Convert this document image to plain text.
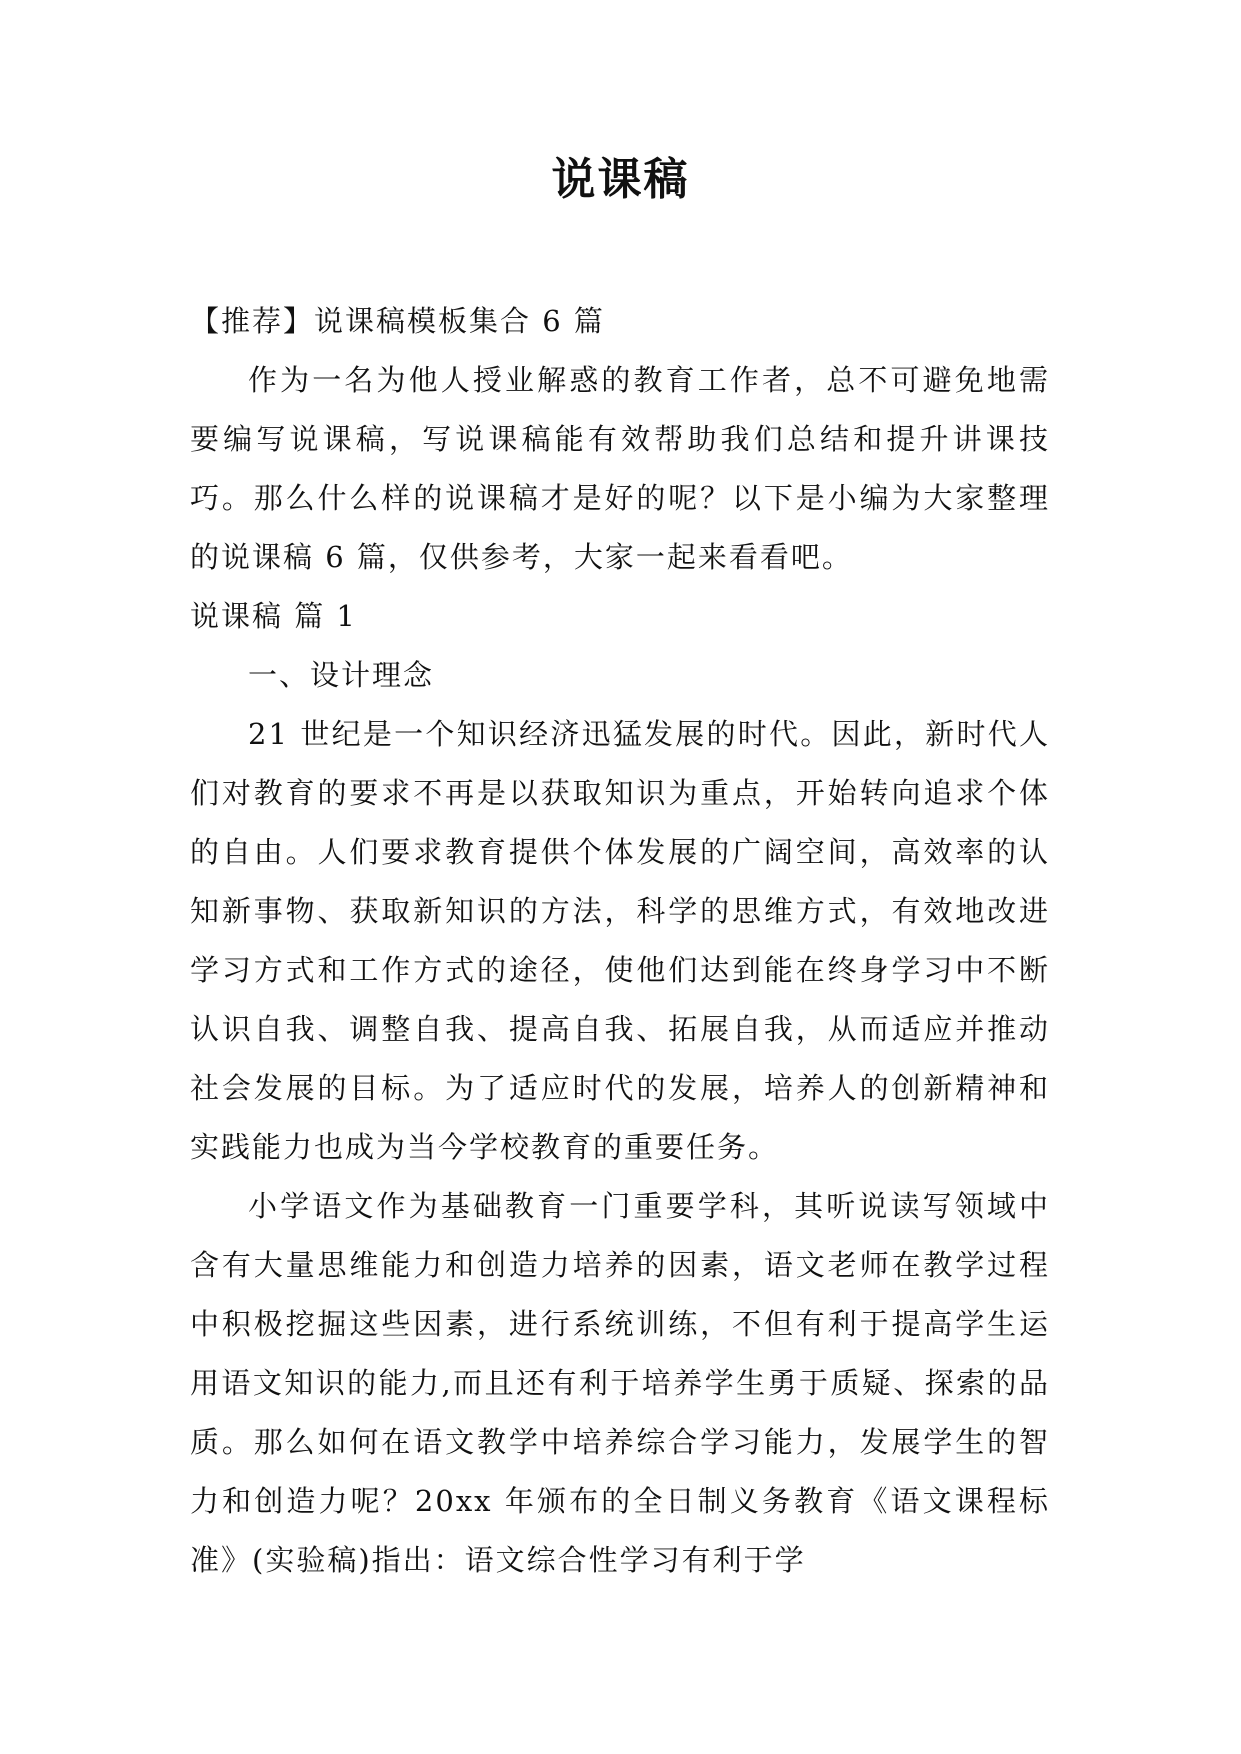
说课稿

【推荐】说课稿模板集合 6 篇

作为一名为他人授业解惑的教育工作者，总不可避免地需要编写说课稿，写说课稿能有效帮助我们总结和提升讲课技巧。那么什么样的说课稿才是好的呢？以下是小编为大家整理的说课稿 6 篇，仅供参考，大家一起来看看吧。

说课稿 篇 1

一、设计理念

21 世纪是一个知识经济迅猛发展的时代。因此，新时代人们对教育的要求不再是以获取知识为重点，开始转向追求个体的自由。人们要求教育提供个体发展的广阔空间，高效率的认知新事物、获取新知识的方法，科学的思维方式，有效地改进学习方式和工作方式的途径，使他们达到能在终身学习中不断认识自我、调整自我、提高自我、拓展自我，从而适应并推动社会发展的目标。为了适应时代的发展，培养人的创新精神和实践能力也成为当今学校教育的重要任务。

小学语文作为基础教育一门重要学科，其听说读写领域中含有大量思维能力和创造力培养的因素，语文老师在教学过程中积极挖掘这些因素，进行系统训练，不但有利于提高学生运用语文知识的能力,而且还有利于培养学生勇于质疑、探索的品质。那么如何在语文教学中培养综合学习能力，发展学生的智力和创造力呢？20xx 年颁布的全日制义务教育《语文课程标准》(实验稿)指出：语文综合性学习有利于学
